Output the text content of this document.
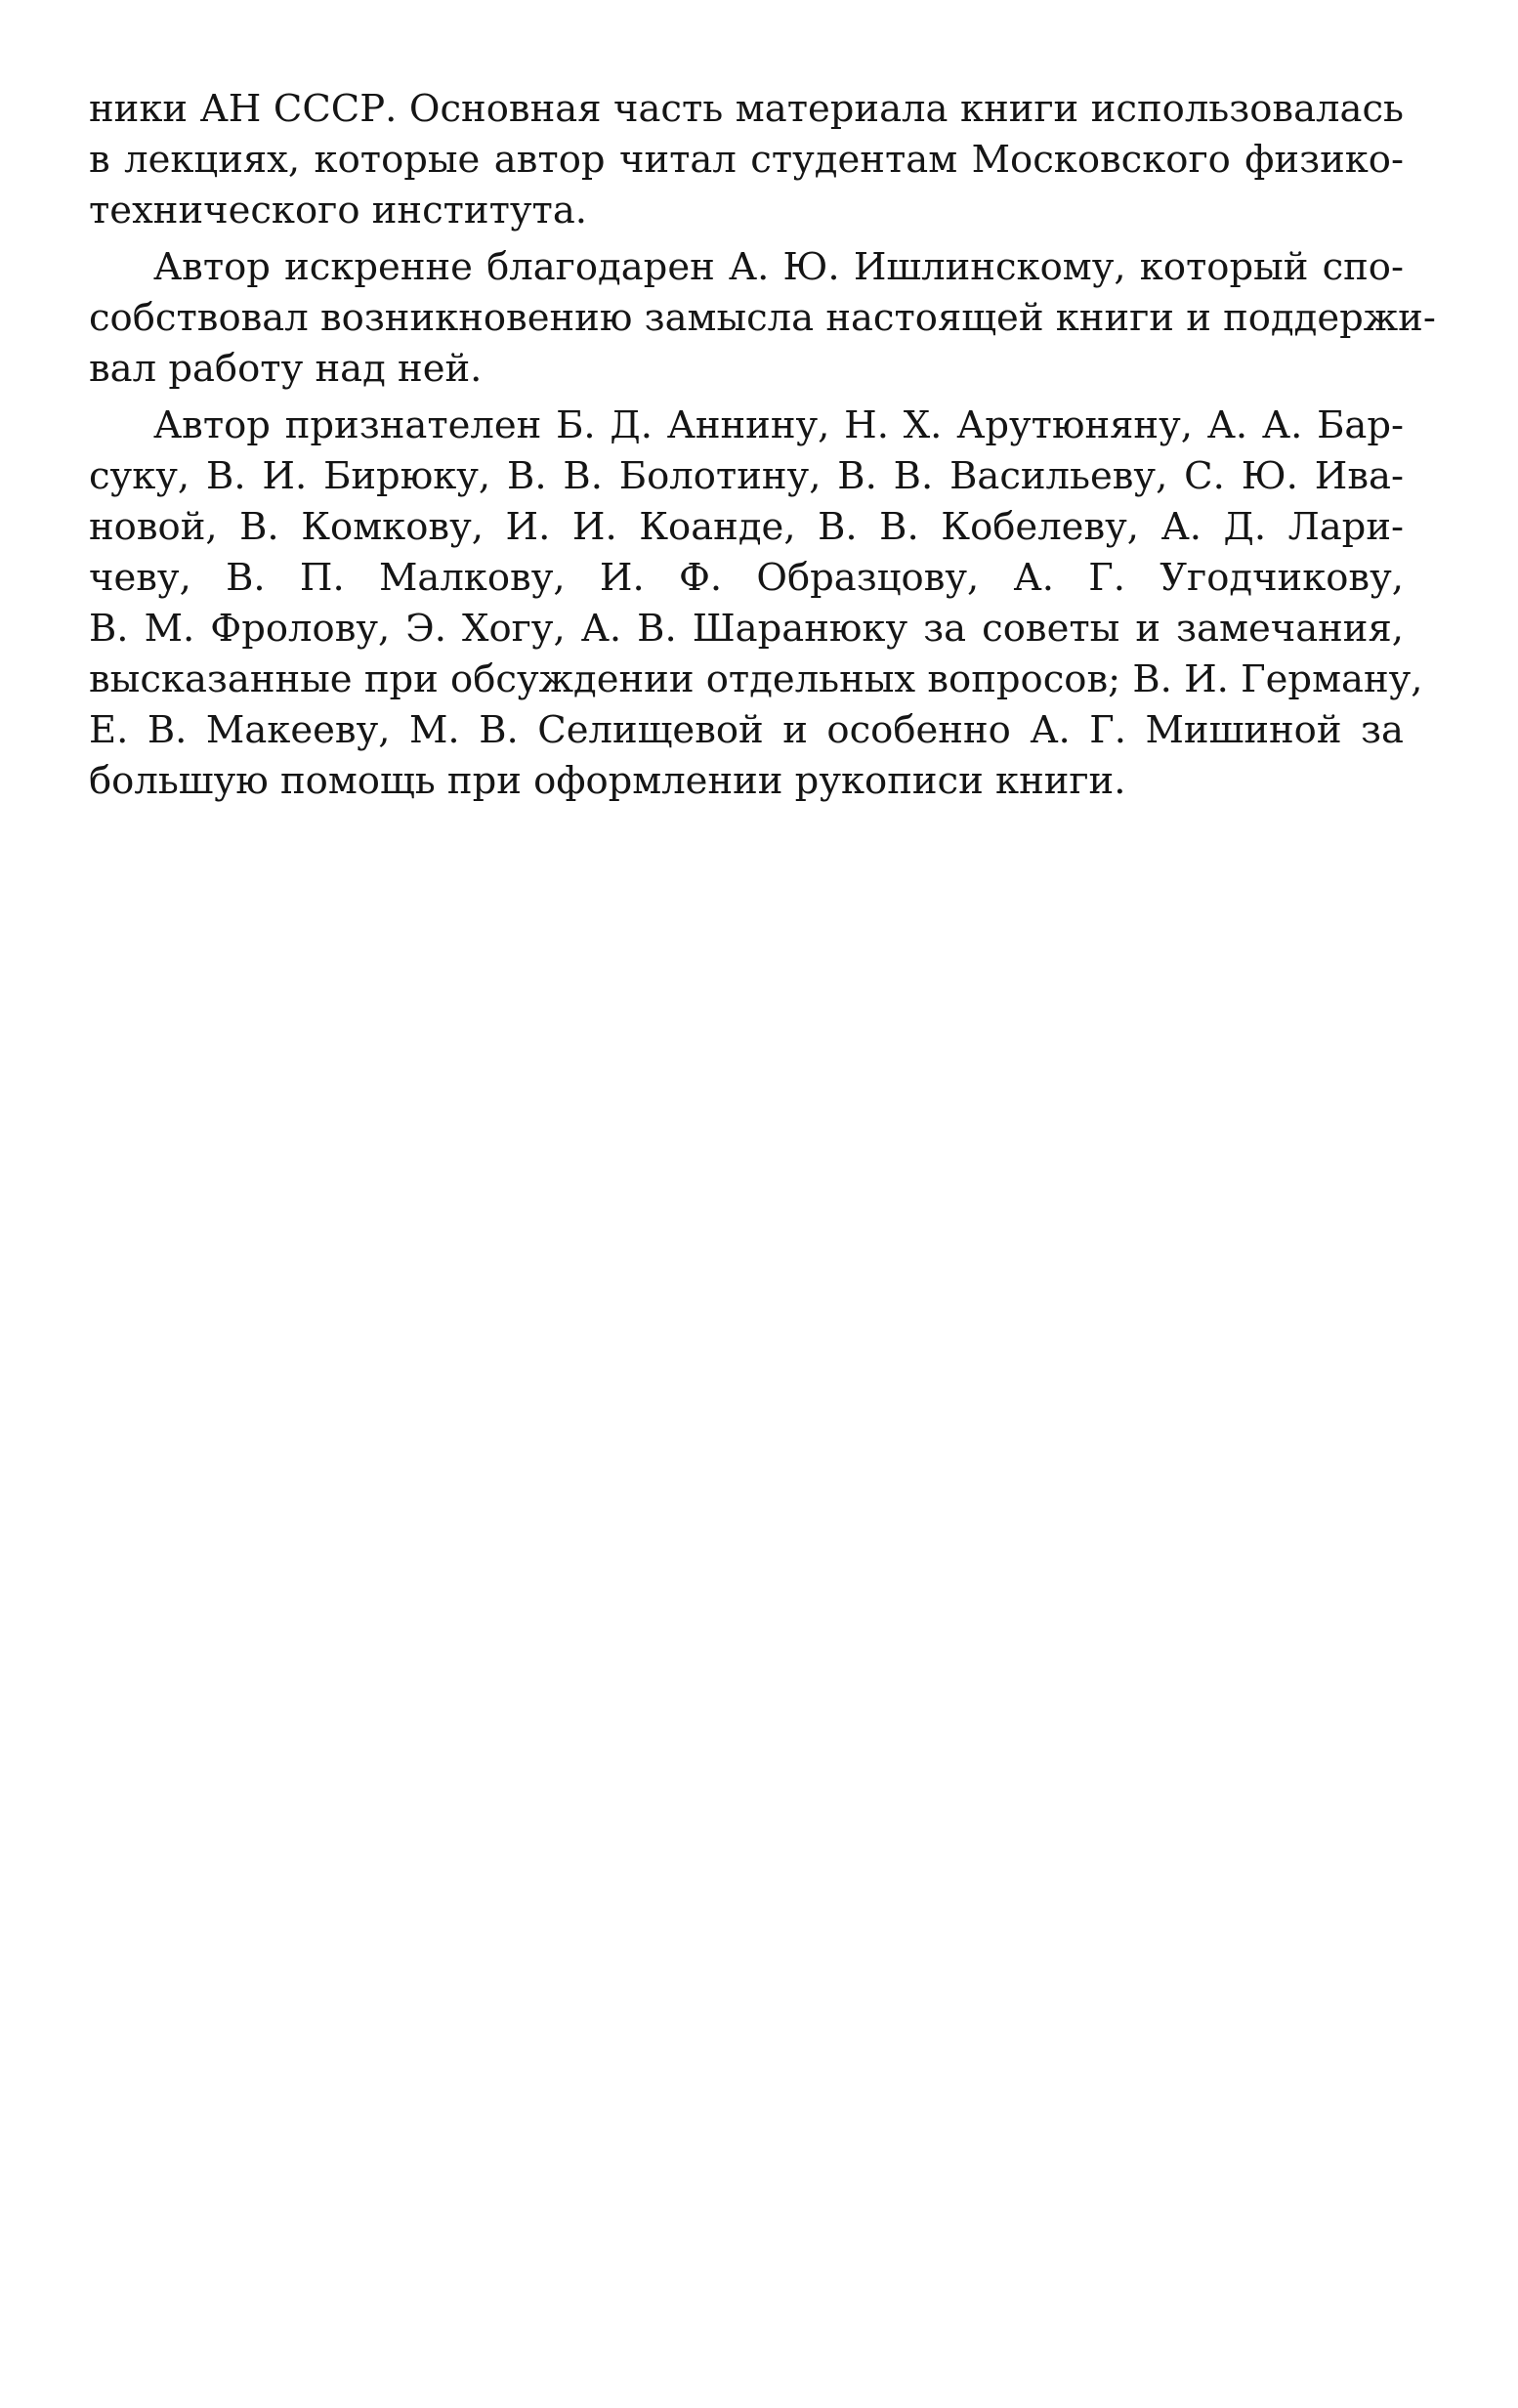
ники АН СССР. Основная часть материала книги использовалась
в лекциях, которые автор читал студентам Московского физико-
технического института.
Автор искренне благодарен А. Ю. Ишлинскому, который спо-
собствовал возникновению замысла настоящей книги и поддержи-
вал работу над ней.
Автор признателен Б. Д. Аннину, Н. Х. Арутюняну, А. А. Бар-
суку, В. И. Бирюку, В. В. Болотину, В. В. Васильеву, С. Ю. Ива-
новой, В. Комкову, И. И. Коанде, В. В. Кобелеву, А. Д. Лари-
чеву, В. П. Малкову, И. Ф. Образцову, А. Г. Угодчикову,
В. М. Фролову, Э. Хогу, А. В. Шаранюку за советы и замечания,
высказанные при обсуждении отдельных вопросов; В. И. Герману,
Е. В. Макееву, М. В. Селищевой и особенно А. Г. Мишиной за
большую помощь при оформлении рукописи книги.
